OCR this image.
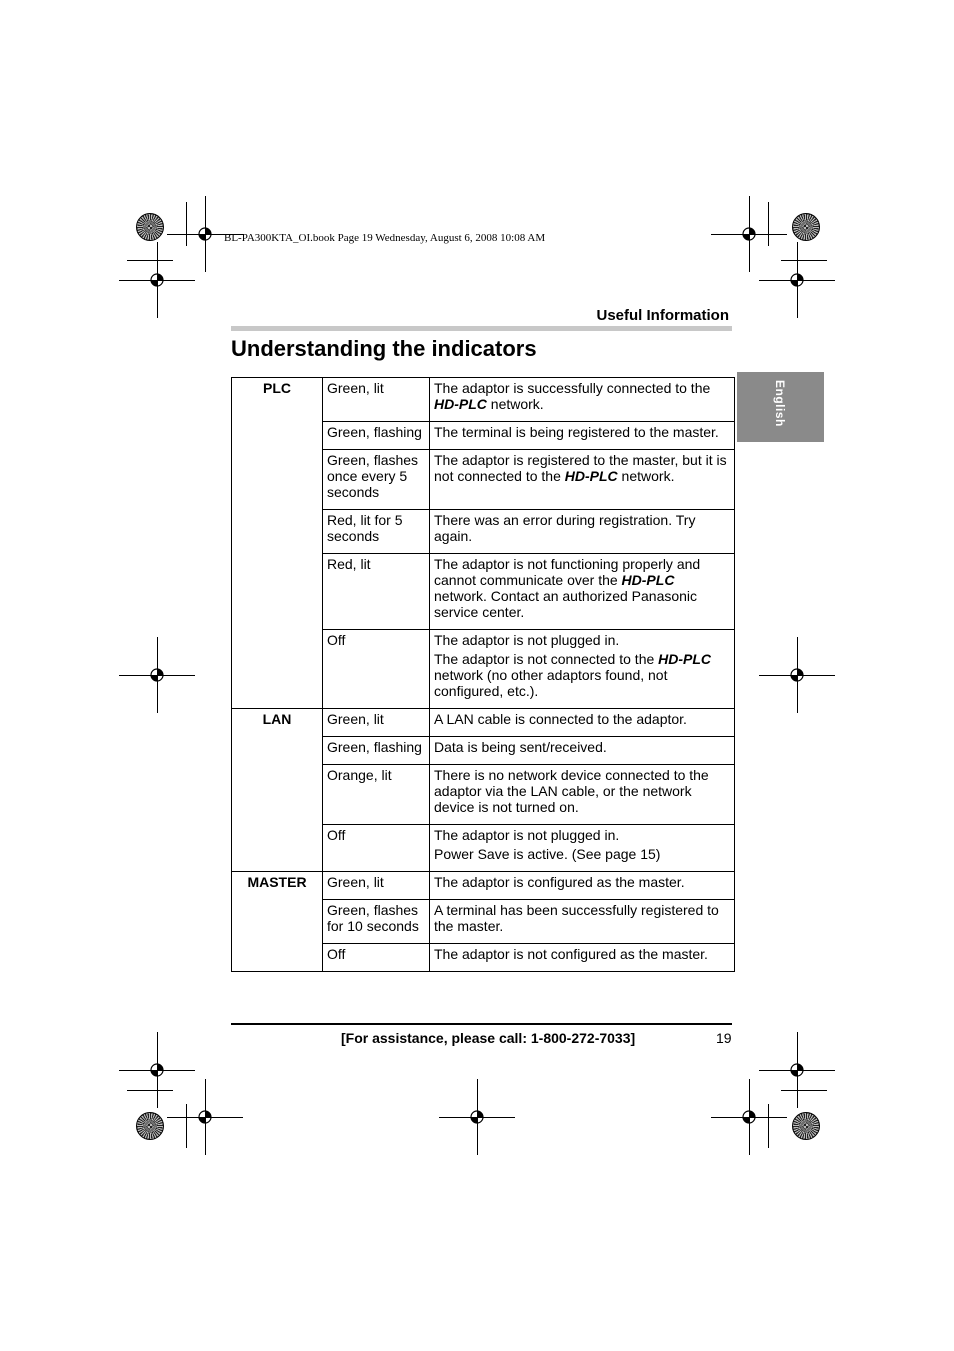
BL-PA300KTA_OI.book Page 19 Wednesday, August 6, 2008 10:08 AM
Useful Information
Understanding the indicators
English
PLC	Green, lit	The adaptor is successfully connected to the HD-PLC network.

	Green, flashing	The terminal is being registered to the master.

	Green, flashes once every 5 seconds	The adaptor is registered to the master, but it is not connected to the HD-PLC network.

	Red, lit for 5 seconds	There was an error during registration. Try again.

	Red, lit	The adaptor is not functioning properly and cannot communicate over the HD-PLC network. Contact an authorized Panasonic service center.

	Off	The adaptor is not plugged in.

The adaptor is not connected to the HD-PLC network (no other adaptors found, not configured, etc.).

LAN	Green, lit	A LAN cable is connected to the adaptor.

	Green, flashing	Data is being sent/received.

	Orange, lit	There is no network device connected to the adaptor via the LAN cable, or the network device is not turned on.

	Off	The adaptor is not plugged in.

Power Save is active. (See page 15)

MASTER	Green, lit	The adaptor is configured as the master.

	Green, flashes for 10 seconds	A terminal has been successfully registered to the master.

	Off	The adaptor is not configured as the master.

[For assistance, please call: 1-800-272-7033]	19
